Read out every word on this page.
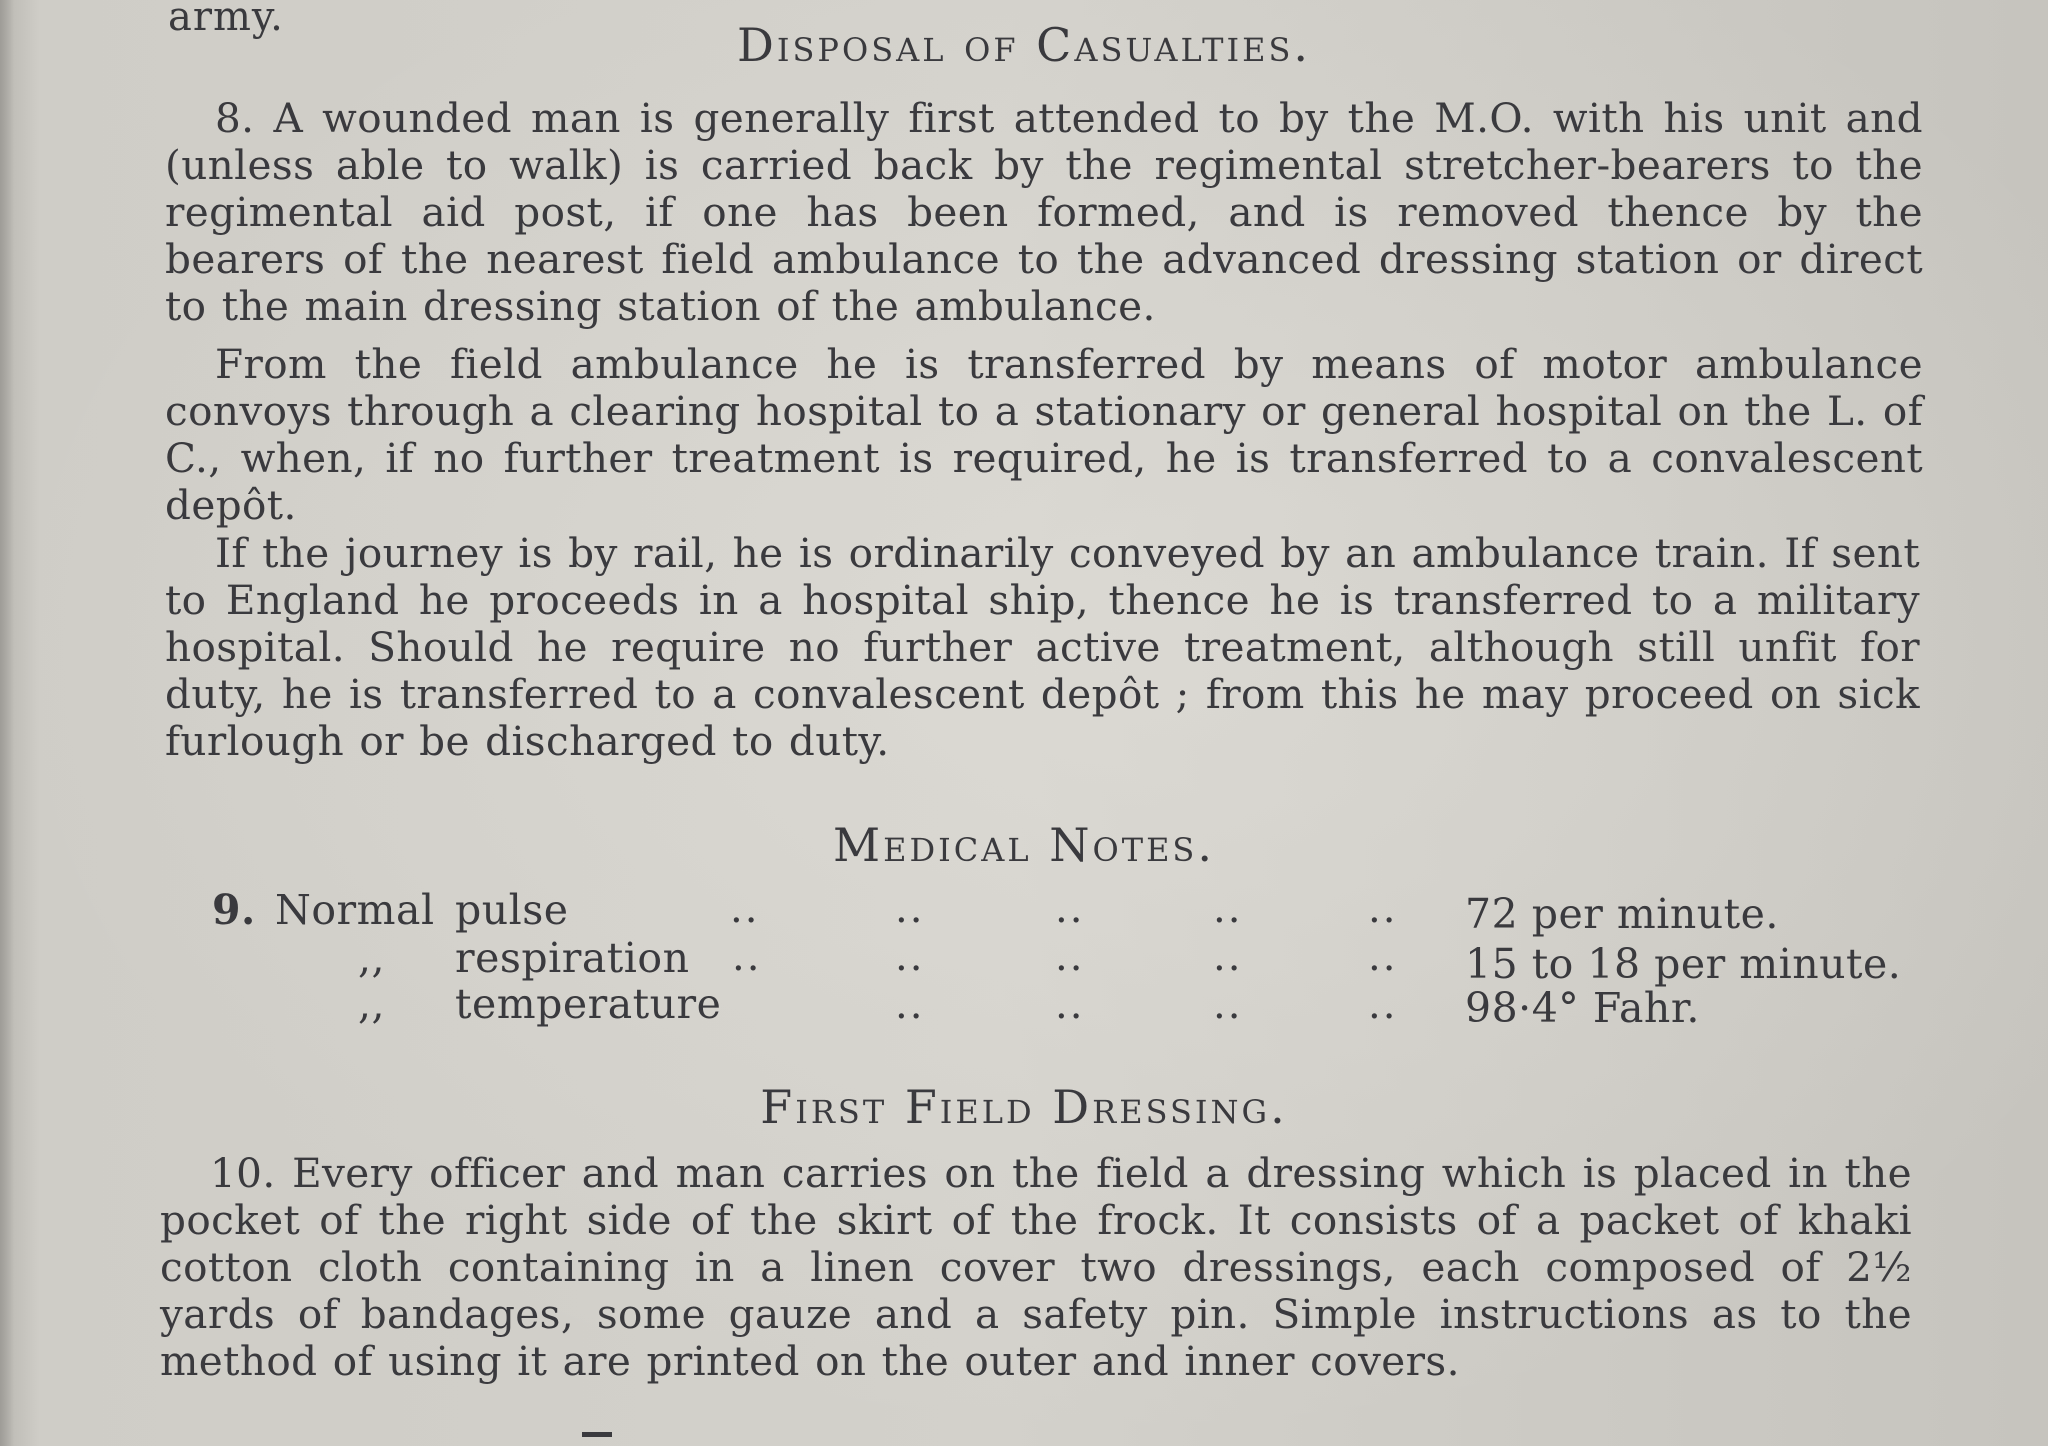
army.
Disposal of Casualties.

8. A wounded man is generally first attended to by the M.O. with his unit and (unless able to walk) is carried back by the regimental stretcher-bearers to the regimental aid post, if one has been formed, and is removed thence by the bearers of the nearest field ambulance to the advanced dressing station or direct to the main dressing station of the ambulance.

From the field ambulance he is transferred by means of motor ambulance convoys through a clearing hospital to a stationary or general hospital on the L. of C., when, if no further treatment is required, he is transferred to a convalescent depôt.

If the journey is by rail, he is ordinarily conveyed by an ambulance train. If sent to England he proceeds in a hospital ship, thence he is transferred to a military hospital. Should he require no further active treatment, although still unfit for duty, he is transferred to a convalescent depôt ; from this he may proceed on sick furlough or be discharged to duty.

Medical Notes.
9. Normal pulse	..	..	..	..	.. 72 per minute.
,, respiration ..	..	..	..	.. 15 to 18 per minute.
,, temperature	..	..	..	.. 98·4° Fahr.
First Field Dressing.

10. Every officer and man carries on the field a dressing which is placed in the pocket of the right side of the skirt of the frock. It consists of a packet of khaki cotton cloth containing in a linen cover two dressings, each composed of 2½ yards of bandages, some gauze and a safety pin. Simple instructions as to the method of using it are printed on the outer and inner covers.
